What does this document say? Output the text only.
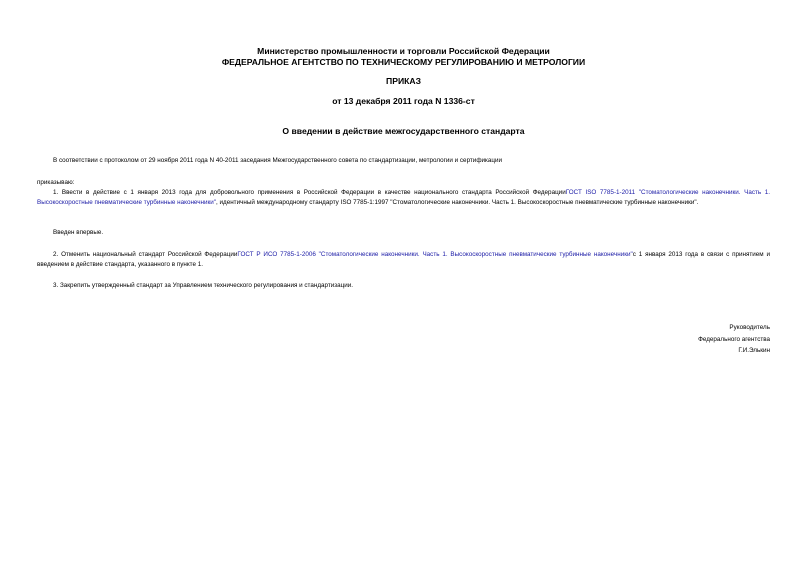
Министерство промышленности и торговли Российской Федерации
ФЕДЕРАЛЬНОЕ АГЕНТСТВО ПО ТЕХНИЧЕСКОМУ РЕГУЛИРОВАНИЮ И МЕТРОЛОГИИ
ПРИКАЗ
от 13 декабря 2011 года N 1336-ст
О введении в действие межгосударственного стандарта

В соответствии с протоколом от 29 ноября 2011 года N 40-2011 заседания Межгосударственного совета по стандартизации, метрологии и сертификации

приказываю:

1. Ввести в действие с 1 января 2013 года для добровольного применения в Российской Федерации в качестве национального стандарта Российской ФедерацииГОСТ ISO 7785-1-2011 "Стоматологические наконечники. Часть 1. Высокоскоростные пневматические турбинные наконечники", идентичный международному стандарту ISO 7785-1:1997 "Стоматологические наконечники. Часть 1. Высокоскоростные пневматические турбинные наконечники".

Введен впервые.

2. Отменить национальный стандарт Российской ФедерацииГОСТ Р ИСО 7785-1-2006 "Стоматологические наконечники. Часть 1. Высокоскоростные пневматические турбинные наконечники"с 1 января 2013 года в связи с принятием и введением в действие стандарта, указанного в пункте 1.

3. Закрепить утвержденный стандарт за Управлением технического регулирования и стандартизации.

Руководитель
Федерального агентства
Г.И.Элькин
